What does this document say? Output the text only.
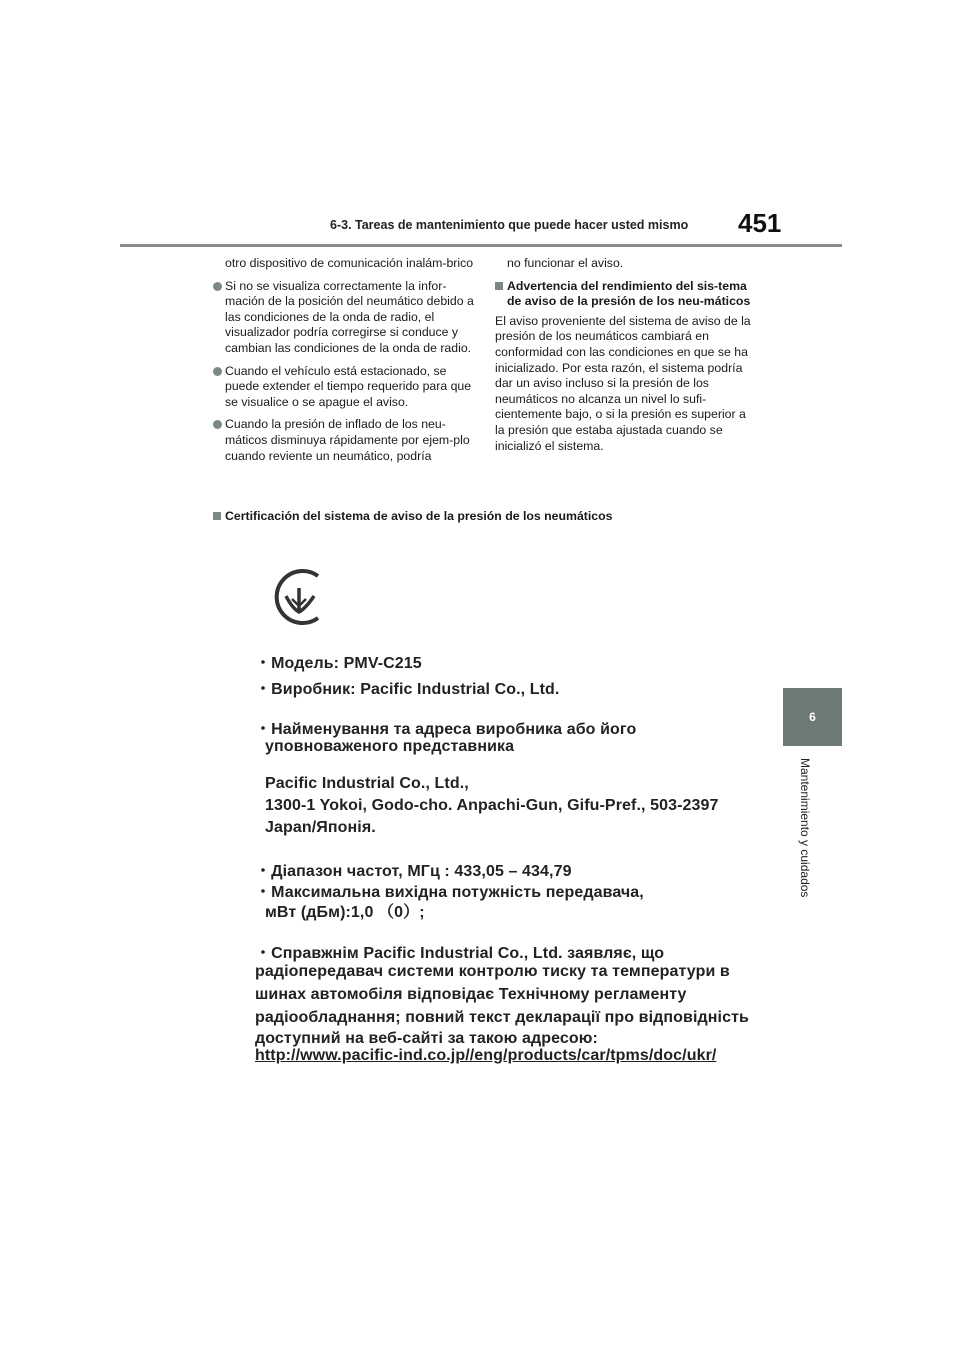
6-3. Tareas de mantenimiento que puede hacer usted mismo 451
6
Mantenimiento y cuidados

otro dispositivo de comunicación inalám-brico

Si no se visualiza correctamente la infor-mación de la posición del neumático debido a las condiciones de la onda de radio, el visualizador podría corregirse si conduce y cambian las condiciones de la onda de radio.
Cuando el vehículo está estacionado, se puede extender el tiempo requerido para que se visualice o se apague el aviso.
Cuando la presión de inflado de los neu-máticos disminuya rápidamente por ejem-plo cuando reviente un neumático, podría

no funcionar el aviso.

Advertencia del rendimiento del sis-tema de aviso de la presión de los neu-máticos

El aviso proveniente del sistema de aviso de la presión de los neumáticos cambiará en conformidad con las condiciones en que se ha inicializado. Por esta razón, el sistema podría dar un aviso incluso si la presión de los neumáticos no alcanza un nivel lo sufi-cientemente bajo, o si la presión es superior a la presión que estaba ajustada cuando se inicializó el sistema.

Certificación del sistema de aviso de la presión de los neumáticos
・Модель: PMV-C215
・Виробник: Pacific Industrial Co., Ltd.
・Найменування та адреса виробника або його
уповноваженого представника
Pacific Industrial Co., Ltd.,
1300-1 Yokoi, Godo-cho. Anpachi-Gun, Gifu-Pref., 503-2397
Japan/Японія.
・Діапазон частот, МГц : 433,05 – 434,79
・Максимальна вихідна потужність передавача,
мВт (дБм):1,0 （0）;
・Справжнім Pacific Industrial Co., Ltd. заявляє, що
радіопередавач системи контролю тиску та температури в
шинах автомобіля відповідає Технічному регламенту
радіообладнання; повний текст декларації про відповідність
доступний на веб-сайті за такою адресою:
http://www.pacific-ind.co.jp//eng/products/car/tpms/doc/ukr/
